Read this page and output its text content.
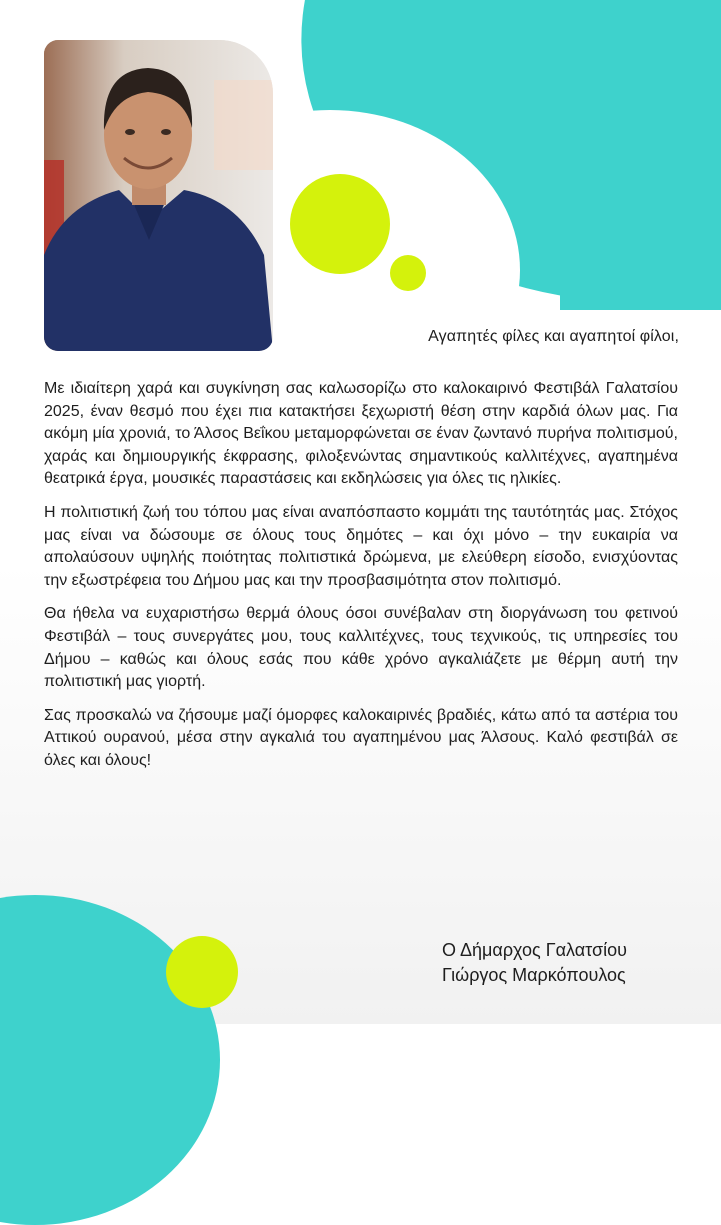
Αγαπητές φίλες και αγαπητοί φίλοι,

Με ιδιαίτερη χαρά και συγκίνηση σας καλωσορίζω στο καλοκαιρινό Φεστιβάλ Γαλατσίου 2025, έναν θεσμό που έχει πια κατακτήσει ξεχωριστή θέση στην καρδιά όλων μας. Για ακόμη μία χρονιά, το Άλσος Βεΐκου μεταμορφώνεται σε έναν ζωντανό πυρήνα πολιτισμού, χαράς και δημιουργικής έκφρασης, φιλοξενώντας σημαντικούς καλλιτέχνες, αγαπημένα θεατρικά έργα, μουσικές παραστάσεις και εκδηλώσεις για όλες τις ηλικίες.

Η πολιτιστική ζωή του τόπου μας είναι αναπόσπαστο κομμάτι της ταυτότητάς μας. Στόχος μας είναι να δώσουμε σε όλους τους δημότες – και όχι μόνο – την ευκαιρία να απολαύσουν υψηλής ποιότητας πολιτιστικά δρώμενα, με ελεύθερη είσοδο, ενισχύοντας την εξωστρέφεια του Δήμου μας και την προσβασιμότητα στον πολιτισμό.

Θα ήθελα να ευχαριστήσω θερμά όλους όσοι συνέβαλαν στη διοργάνωση του φετινού Φεστιβάλ – τους συνεργάτες μου, τους καλλιτέχνες, τους τεχνικούς, τις υπηρεσίες του Δήμου – καθώς και όλους εσάς που κάθε χρόνο αγκαλιάζετε με θέρμη αυτή την πολιτιστική μας γιορτή.

Σας προσκαλώ να ζήσουμε μαζί όμορφες καλοκαιρινές βραδιές, κάτω από τα αστέρια του Αττικού ουρανού, μέσα στην αγκαλιά του αγαπημένου μας Άλσους. Καλό φεστιβάλ σε όλες και όλους!

Ο Δήμαρχος Γαλατσίου
Γιώργος Μαρκόπουλος
